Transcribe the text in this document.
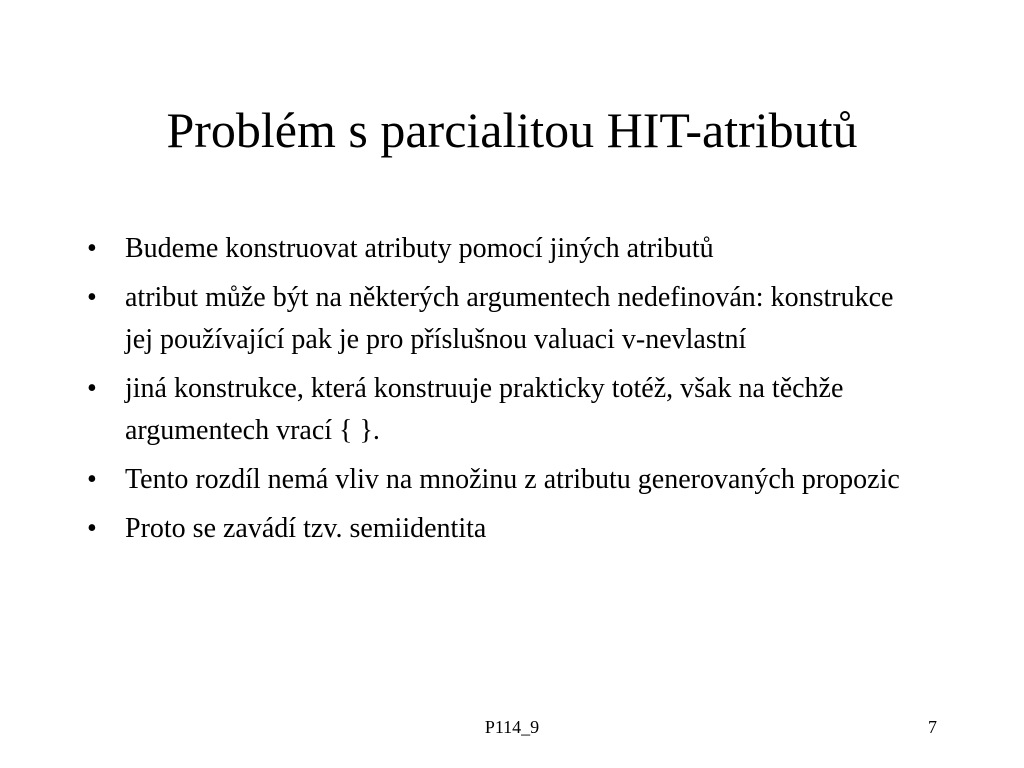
Problém s parcialitou HIT-atributů
•	Budeme konstruovat atributy pomocí jiných atributů
•	atribut může být na některých argumentech nedefinován: konstrukce jej používající pak je pro příslušnou valuaci v-nevlastní
•	jiná konstrukce, která konstruuje prakticky totéž, však na těchže argumentech vrací { }.
•	Tento rozdíl nemá vliv na množinu z atributu generovaných propozic
•	Proto se zavádí tzv. semiidentita
P114_9	7
